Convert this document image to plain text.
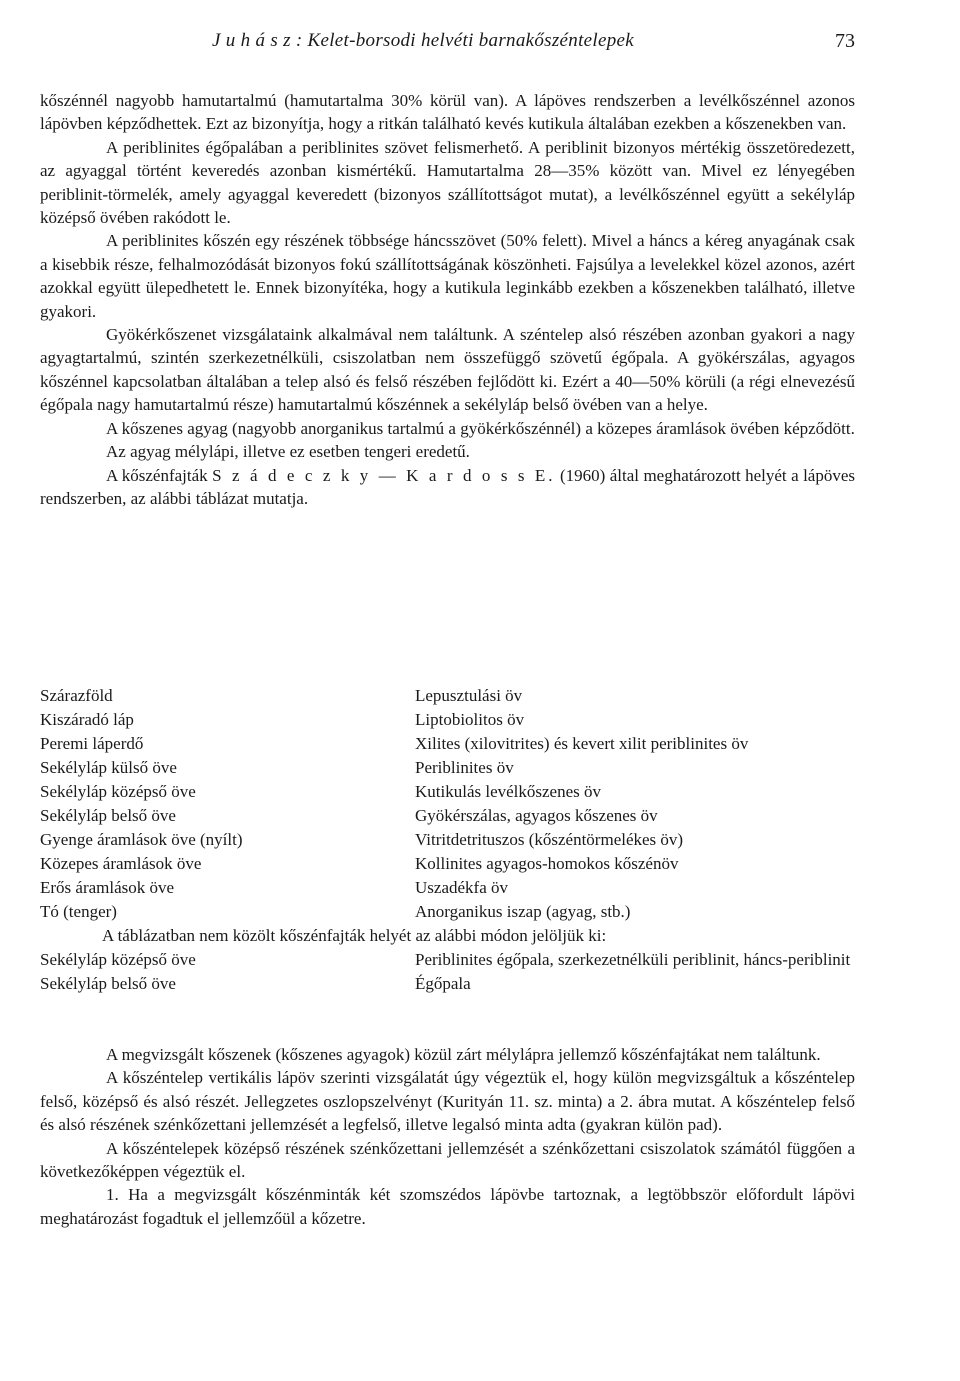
J u h á s z : Kelet-borsodi helvéti barnakőszéntelepek	73

kőszénnél nagyobb hamutartalmú (hamutartalma 30% körül van). A lápöves rendszerben a levélkőszénnel azonos lápövben képződhettek. Ezt az bizonyítja, hogy a ritkán található kevés kutikula általában ezekben a kőszenekben van.

A periblinites égőpalában a periblinites szövet felismerhető. A periblinit bizonyos mértékig összetöredezett, az agyaggal történt keveredés azonban kismértékű. Hamutartalma 28—35% között van. Mivel ez lényegében periblinit-törmelék, amely agyaggal keveredett (bizonyos szállítottságot mutat), a levélkőszénnel együtt a sekélyláp középső övében rakódott le.

A periblinites kőszén egy részének többsége háncsszövet (50% felett). Mivel a háncs a kéreg anyagának csak a kisebbik része, felhalmozódását bizonyos fokú szállítottságának köszönheti. Fajsúlya a levelekkel közel azonos, azért azokkal együtt ülepedhetett le. Ennek bizonyítéka, hogy a kutikula leginkább ezekben a kőszenekben található, illetve gyakori.

Gyökérkőszenet vizsgálataink alkalmával nem találtunk. A széntelep alsó részében azonban gyakori a nagy agyagtartalmú, szintén szerkezetnélküli, csiszolatban nem összefüggő szövetű égőpala. A gyökérszálas, agyagos kőszénnel kapcsolatban általában a telep alsó és felső részében fejlődött ki. Ezért a 40—50% körüli (a régi elnevezésű égőpala nagy hamutartalmú része) hamutartalmú kőszénnek a sekélyláp belső övében van a helye.

A kőszenes agyag (nagyobb anorganikus tartalmú a gyökérkőszénnél) a közepes áramlások övében képződött.

Az agyag mélylápi, illetve ez esetben tengeri eredetű.

A kőszénfajták S z á d e c z k y — K a r d o s s E. (1960) által meghatározott helyét a lápöves rendszerben, az alábbi táblázat mutatja.

Szárazföld	Lepusztulási öv
Kiszáradó láp	Liptobiolitos öv
Peremi láperdő	Xilites (xilovitrites) és kevert xilit periblinites öv
Sekélyláp külső öve	Periblinites öv
Sekélyláp középső öve	Kutikulás levélkőszenes öv
Sekélyláp belső öve	Gyökérszálas, agyagos kőszenes öv
Gyenge áramlások öve (nyílt)	Vitritdetrituszos (kőszéntörmelékes öv)
Közepes áramlások öve	Kollinites agyagos-homokos kőszénöv
Erős áramlások öve	Uszadékfa öv
Tó (tenger)	Anorganikus iszap (agyag, stb.)
A táblázatban nem közölt kőszénfajták helyét az alábbi módon jelöljük ki:
Sekélyláp középső öve	Periblinites égőpala, szerkezetnélküli periblinit, háncs-periblinit
Sekélyláp belső öve	Égőpala

A megvizsgált kőszenek (kőszenes agyagok) közül zárt mélylápra jellemző kőszénfajtákat nem találtunk.

A kőszéntelep vertikális lápöv szerinti vizsgálatát úgy végeztük el, hogy külön megvizsgáltuk a kőszéntelep felső, középső és alsó részét. Jellegzetes oszlopszelvényt (Kurityán 11. sz. minta) a 2. ábra mutat. A kőszéntelep felső és alsó részének szénkőzettani jellemzését a legfelső, illetve legalsó minta adta (gyakran külön pad).

A kőszéntelepek középső részének szénkőzettani jellemzését a szénkőzettani csiszolatok számától függően a következőképpen végeztük el.

1. Ha a megvizsgált kőszénminták két szomszédos lápövbe tartoznak, a legtöbbször előfordult lápövi meghatározást fogadtuk el jellemzőül a kőzetre.
